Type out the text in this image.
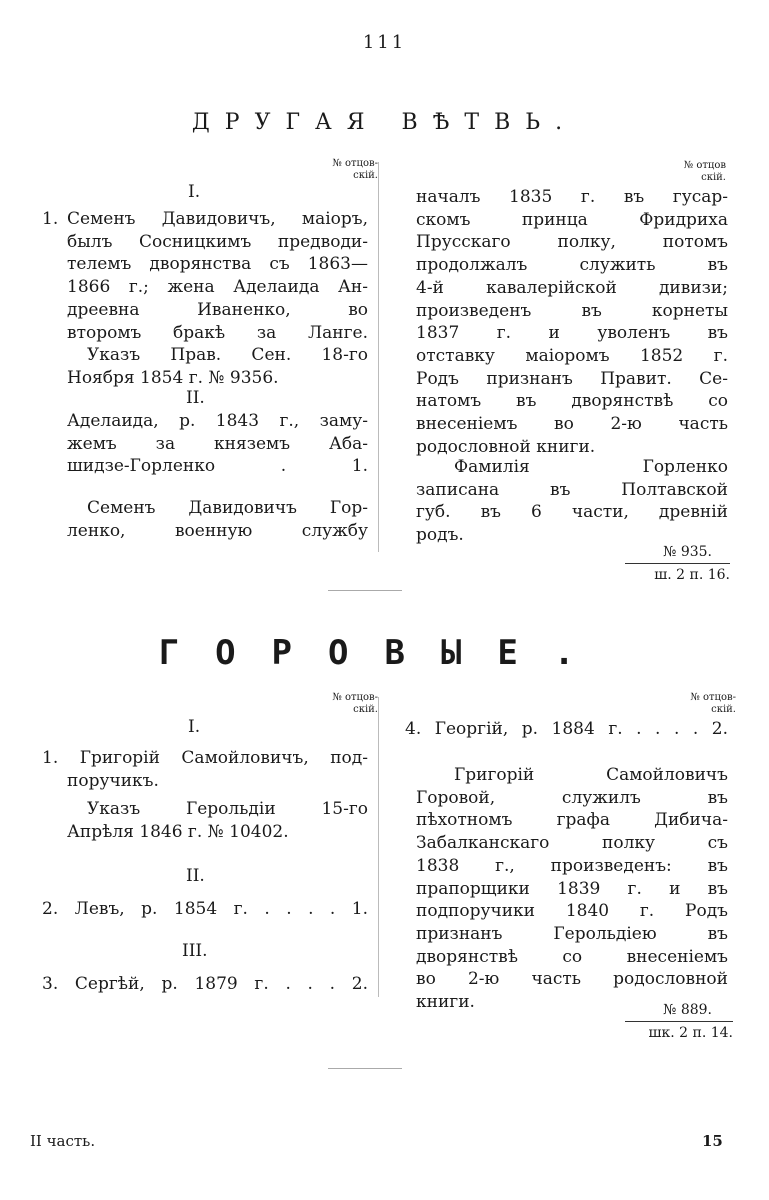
111
ДРУГАЯ ВѢТВЬ.
№ отцов-
скій.
№ отцов
скій.
I.
1. Семенъ Давидовичъ, маіоръ,
былъ Сосницкимъ предводи-
телемъ дворянства съ 1863—
1866 г.; жена Аделаида Ан-
дреевна Иваненко, во
второмъ бракѣ за Ланге.
Указъ Прав. Сен. 18-го
Ноября 1854 г. № 9356.
II.
Аделаида, р. 1843 г., заму-
жемъ за княземъ Аба-
шидзе-Горленко . 1.
Семенъ Давидовичъ Гор-
ленко, военную службу
началъ 1835 г. въ гусар-
скомъ принца Фридриха
Прусскаго полку, потомъ
продолжалъ служить въ
4-й кавалерійской дивизи;
произведенъ въ корнеты
1837 г. и уволенъ въ
отставку маіоромъ 1852 г.
Родъ признанъ Правит. Се-
натомъ въ дворянствѣ со
внесеніемъ во 2-ю часть
родословной книги.
Фамилія Горленко
записана въ Полтавской
губ. въ 6 части, древній
родъ.
№ 935.
ш. 2 п. 16.
ГОРОВЫЕ.
№ отцов-
скій.
№ отцов-
скій.
I.
1. Григорій Самойловичъ, под-
поручикъ.
Указъ Герольдіи 15-го
Апрѣля 1846 г. № 10402.
II.
2. Левъ, р. 1854 г. . . . . 1.
III.
3. Сергѣй, р. 1879 г. . . . 2.
4. Георгій, р. 1884 г. . . . . 2.
Григорій Самойловичъ
Горовой, служилъ въ
пѣхотномъ графа Дибича-
Забалканскаго полку съ
1838 г., произведенъ: въ
прапорщики 1839 г. и въ
подпоручики 1840 г. Родъ
признанъ Герольдіею въ
дворянствѣ со внесеніемъ
во 2-ю часть родословной
книги.	№ 889.
шк. 2 п. 14.
II часть.	15
